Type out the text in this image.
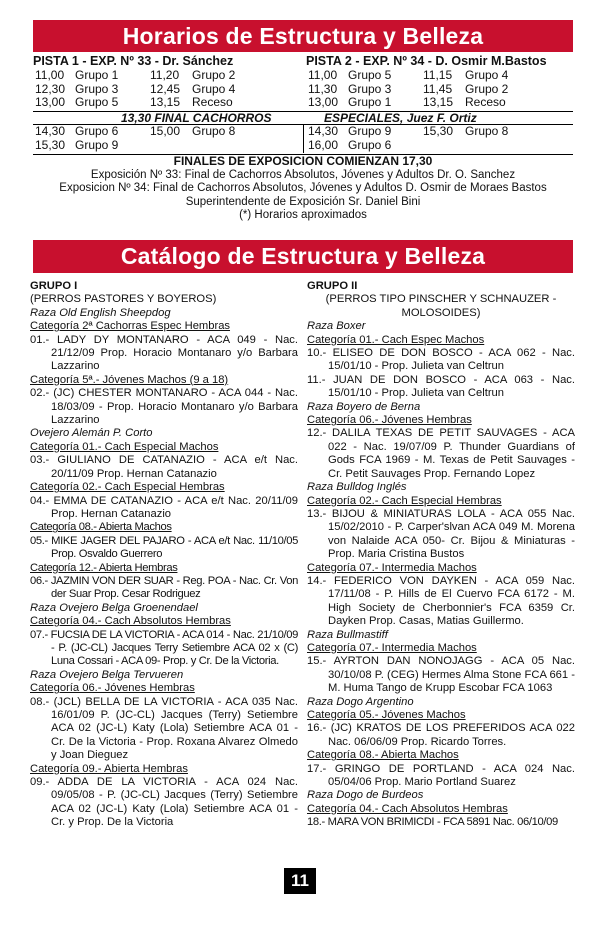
Horarios de Estructura y Belleza
PISTA 1 - EXP. Nº 33 - Dr. Sánchez
11,00 Grupo 1	11,20	Grupo 2
12,30 Grupo 3	12,45 Grupo 4
13,00 Grupo 5	13,15 Receso
PISTA 2 - EXP. Nº 34 - D. Osmir M.Bastos
11,00 Grupo 5	11,15	Grupo 4
11,30 Grupo 3	11,45	Grupo 2
13,00 Grupo 1	13,15 Receso
13,30 FINAL CACHORROS	ESPECIALES, Juez F. Ortiz
14,30 Grupo 6	15,00 Grupo 8
15,30 Grupo 9
14,30 Grupo 9	15,30 Grupo 8
16,00 Grupo 6
FINALES DE EXPOSICION COMIENZAN 17,30
Exposición Nº 33: Final de Cachorros Absolutos, Jóvenes y Adultos Dr. O. Sanchez
Exposicion Nº 34: Final de Cachorros Absolutos, Jóvenes y Adultos D. Osmir de Moraes Bastos
Superintendente de Exposición Sr. Daniel Bini
(*) Horarios aproximados
Catálogo de Estructura y Belleza

GRUPO I

(PERROS PASTORES Y BOYEROS)

Raza Old English Sheepdog

Categoría 2ª Cachorras Espec Hembras

01.- LADY DY MONTANARO - ACA 049 - Nac. 21/12/09 Prop. Horacio Montanaro y/o Barbara Lazzarino

Categoría 5ª.- Jóvenes Machos (9 a 18)

02.- (JC) CHESTER MONTANARO - ACA 044 - Nac. 18/03/09 - Prop. Horacio Montanaro y/o Barbara Lazzarino

Ovejero Alemán P. Corto

Categoría 01.- Cach Especial Machos

03.- GIULIANO DE CATANAZIO - ACA e/t Nac. 20/11/09 Prop. Hernan Catanazio

Categoría 02.- Cach Especial Hembras

04.- EMMA DE CATANAZIO - ACA e/t Nac. 20/11/09 Prop. Hernan Catanazio

Categoría 08.- Abierta Machos

05.- MIKE JAGER DEL PAJARO - ACA e/t Nac. 11/10/05 Prop. Osvaldo Guerrero

Categoría 12.- Abierta Hembras

06.- JAZMIN VON DER SUAR - Reg. POA - Nac. Cr. Von der Suar Prop. Cesar Rodriguez

Raza Ovejero Belga Groenendael

Categoría 04.- Cach Absolutos Hembras

07.- FUCSIA DE LA VICTORIA - ACA 014 - Nac. 21/10/09 - P. (JC-CL) Jacques Terry Setiembre ACA 02 x (C) Luna Cossari - ACA 09- Prop. y Cr. De la Victoria.

Raza Ovejero Belga Tervueren

Categoría 06.- Jóvenes Hembras

08.- (JCL) BELLA DE LA VICTORIA - ACA 035 Nac. 16/01/09 P. (JC-CL) Jacques (Terry) Setiembre ACA 02 (JC-L) Katy (Lola) Setiembre ACA 01 - Cr. De la Victoria - Prop. Roxana Alvarez Olmedo y Joan Dieguez

Categoría 09.- Abierta Hembras

09.- ADDA DE LA VICTORIA - ACA 024 Nac. 09/05/08 - P. (JC-CL) Jacques (Terry) Setiembre ACA 02 (JC-L) Katy (Lola) Setiembre ACA 01 - Cr. y Prop. De la Victoria

GRUPO II

(PERROS TIPO PINSCHER Y SCHNAUZER - MOLOSOIDES)

Raza Boxer

Categoría 01.- Cach Espec Machos

10.- ELISEO DE DON BOSCO - ACA 062 - Nac. 15/01/10 - Prop. Julieta van Celtrun

11.- JUAN DE DON BOSCO - ACA 063 - Nac. 15/01/10 - Prop. Julieta van Celtrun

Raza Boyero de Berna

Categoría 06.- Jóvenes Hembras

12.- DALILA TEXAS DE PETIT SAUVAGES - ACA 022 - Nac. 19/07/09 P. Thunder Guardians of Gods FCA 1969 - M. Texas de Petit Sauvages - Cr. Petit Sauvages Prop. Fernando Lopez

Raza Bulldog Inglés

Categoría 02.- Cach Especial Hembras

13.- BIJOU & MINIATURAS LOLA - ACA 055 Nac. 15/02/2010 - P. Carper'slvan ACA 049 M. Morena von Nalaide ACA 050- Cr. Bijou & Miniaturas - Prop. Maria Cristina Bustos

Categoría 07.- Intermedia Machos

14.- FEDERICO VON DAYKEN - ACA 059 Nac. 17/11/08 - P. Hills de El Cuervo FCA 6172 - M. High Society de Cherbonnier's FCA 6359 Cr. Dayken Prop. Casas, Matias Guillermo.

Raza Bullmastiff

Categoría 07.- Intermedia Machos

15.- AYRTON DAN NONOJAGG - ACA 05 Nac. 30/10/08 P. (CEG) Hermes Alma Stone FCA 661 - M. Huma Tango de Krupp Escobar FCA 1063

Raza Dogo Argentino

Categoría 05.- Jóvenes Machos

16.- (JC) KRATOS DE LOS PREFERIDOS ACA 022 Nac. 06/06/09 Prop. Ricardo Torres.

Categoría 08.- Abierta Machos

17.- GRINGO DE PORTLAND - ACA 024 Nac. 05/04/06 Prop. Mario Portland Suarez

Raza Dogo de Burdeos

Categoría 04.- Cach Absolutos Hembras

18.- MARA VON BRIMICDI - FCA 5891 Nac. 06/10/09

11
